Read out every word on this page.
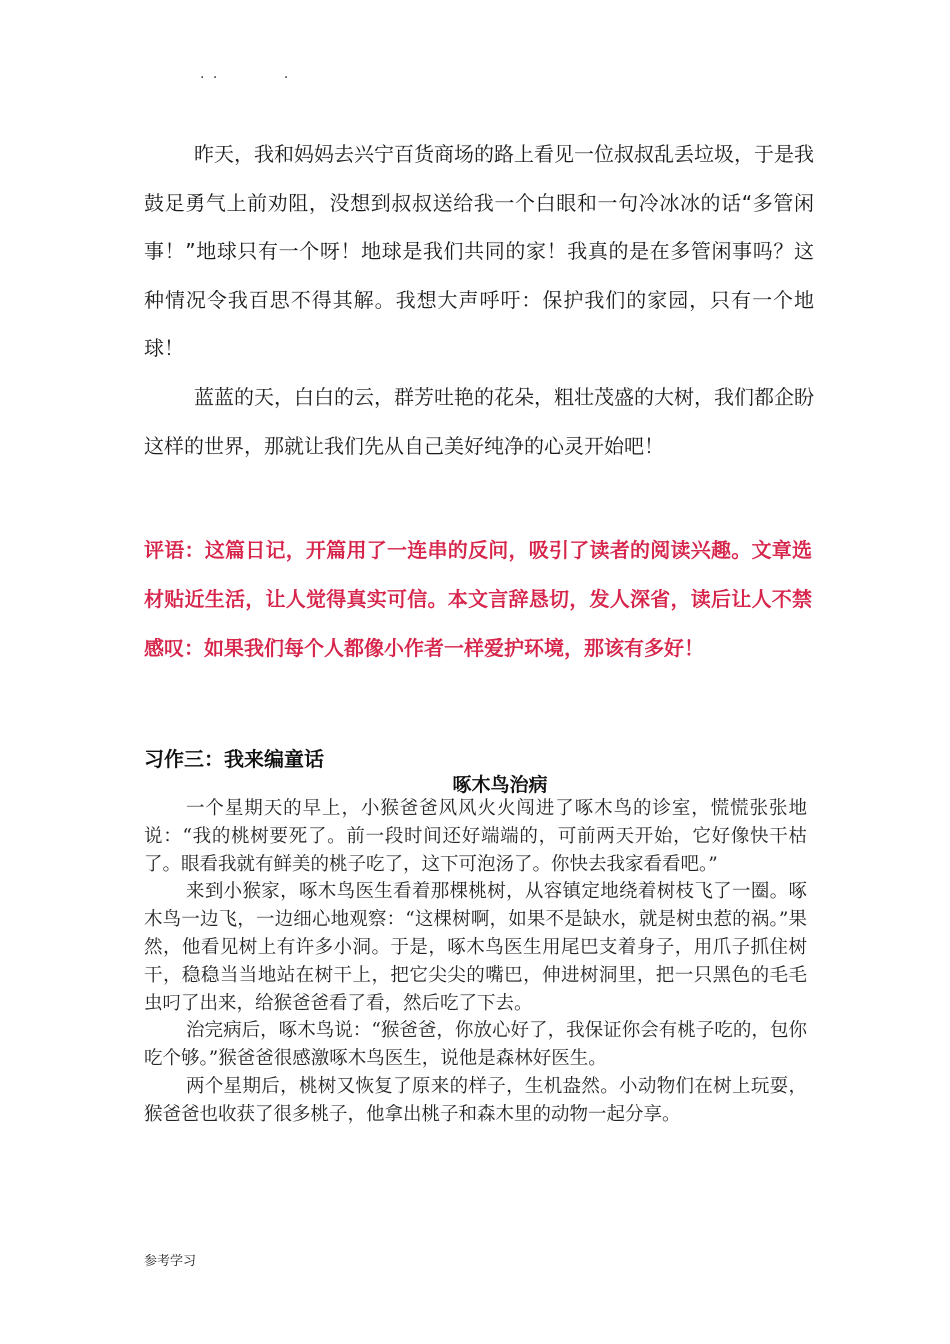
. .          .

昨天，我和妈妈去兴宁百货商场的路上看见一位叔叔乱丢垃圾，于是我鼓足勇气上前劝阻，没想到叔叔送给我一个白眼和一句冷冰冰的话“多管闲事！”地球只有一个呀！地球是我们共同的家！我真的是在多管闲事吗？这种情况令我百思不得其解。我想大声呼吁：保护我们的家园，只有一个地球！

蓝蓝的天，白白的云，群芳吐艳的花朵，粗壮茂盛的大树，我们都企盼这样的世界，那就让我们先从自己美好纯净的心灵开始吧！

评语：这篇日记，开篇用了一连串的反问，吸引了读者的阅读兴趣。文章选材贴近生活，让人觉得真实可信。本文言辞恳切，发人深省，读后让人不禁感叹：如果我们每个人都像小作者一样爱护环境，那该有多好！

习作三：我来编童话
啄木鸟治病

一个星期天的早上，小猴爸爸风风火火闯进了啄木鸟的诊室，慌慌张张地说：“我的桃树要死了。前一段时间还好端端的，可前两天开始，它好像快干枯了。眼看我就有鲜美的桃子吃了，这下可泡汤了。你快去我家看看吧。”

来到小猴家，啄木鸟医生看着那棵桃树，从容镇定地绕着树枝飞了一圈。啄木鸟一边飞，一边细心地观察：“这棵树啊，如果不是缺水，就是树虫惹的祸。”果然，他看见树上有许多小洞。于是，啄木鸟医生用尾巴支着身子，用爪子抓住树干，稳稳当当地站在树干上，把它尖尖的嘴巴，伸进树洞里，把一只黑色的毛毛虫叼了出来，给猴爸爸看了看，然后吃了下去。

治完病后，啄木鸟说：“猴爸爸，你放心好了，我保证你会有桃子吃的，包你吃个够。”猴爸爸很感激啄木鸟医生，说他是森林好医生。

两个星期后，桃树又恢复了原来的样子，生机盎然。小动物们在树上玩耍，猴爸爸也收获了很多桃子，他拿出桃子和森木里的动物一起分享。

参考学习
